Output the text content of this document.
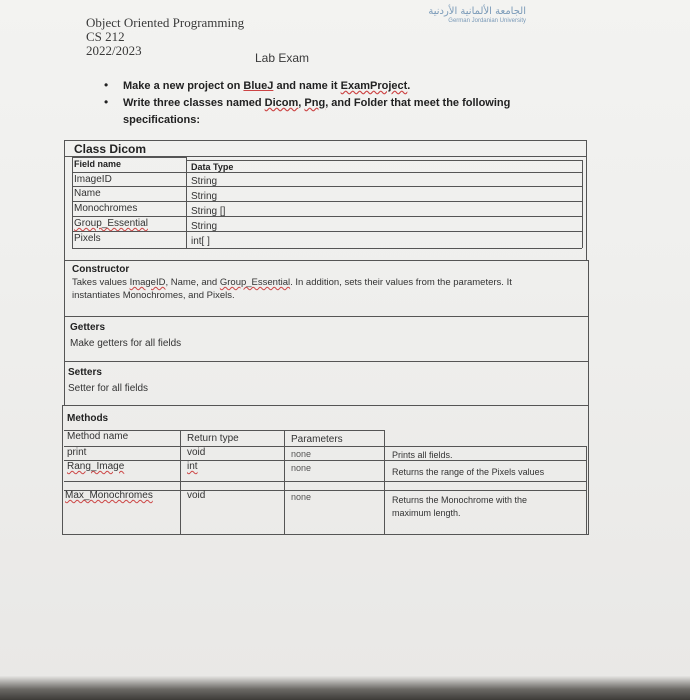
الجامعة الألمانية الأردنية
German Jordanian University
Object Oriented Programming
CS 212
2022/2023	Lab Exam
• Make a new project on BlueJ and name it ExamProject.
• Write three classes named Dicom, Png, and Folder that meet the following
specifications:
Class Dicom
Field name	Data Type
ImageID	String
Name	String
Monochromes	String []
Group_Essential	String
Pixels	int[ ]
Constructor
Takes values ImageID, Name, and Group_Essential. In addition, sets their values from the parameters. It
instantiates Monochromes, and Pixels.
Getters
Make getters for all fields
Setters
Setter for all fields
Methods
Method name	Return type	Parameters
print	void	none	Prints all fields.
Rang_Image	int	none	Returns the range of the Pixels values
Max_Monochromes	void	none	Returns the Monochrome with the
maximum length.
